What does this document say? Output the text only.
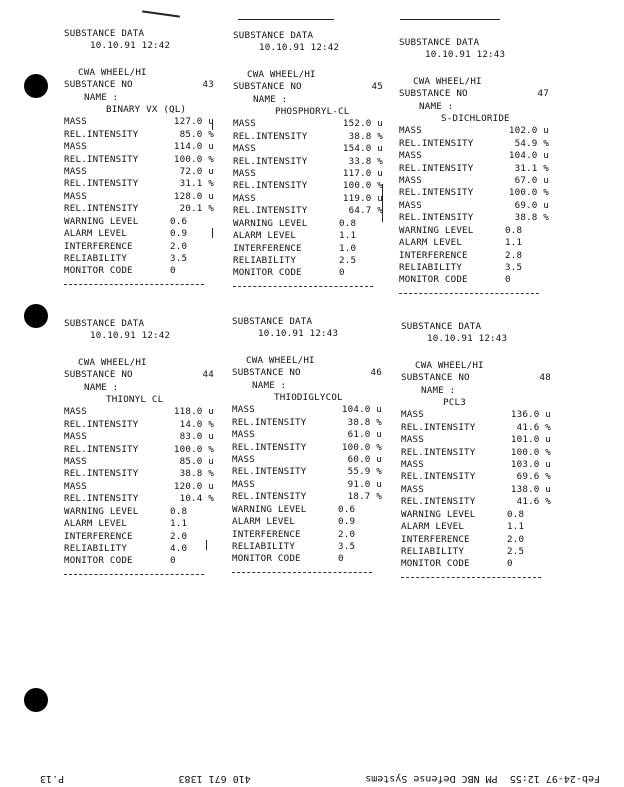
SUBSTANCE DATA
10.10.91 12:42
CWA WHEEL/HI
SUBSTANCE NO	43
NAME :
BINARY VX (QL)
MASS	127.0 u
REL.INTENSITY	85.0 %
MASS	114.0 u
REL.INTENSITY	100.0 %
MASS	72.0 u
REL.INTENSITY	31.1 %
MASS	128.0 u
REL.INTENSITY	20.1 %
WARNING LEVEL	0.6
ALARM LEVEL	0.9
INTERFERENCE	2.0
RELIABILITY	3.5
MONITOR CODE	0
SUBSTANCE DATA
10.10.91 12:42
CWA WHEEL/HI
SUBSTANCE NO	45
NAME :
PHOSPHORYL-CL
MASS	152.0 u
REL.INTENSITY	38.8 %
MASS	154.0 u
REL.INTENSITY	33.8 %
MASS	117.0 u
REL.INTENSITY	100.0 %
MASS	119.0 u
REL.INTENSITY	64.7 %
WARNING LEVEL	0.8
ALARM LEVEL	1.1
INTERFERENCE	1.0
RELIABILITY	2.5
MONITOR CODE	0
SUBSTANCE DATA
10.10.91 12:43
CWA WHEEL/HI
SUBSTANCE NO	47
NAME :
S-DICHLORIDE
MASS	102.0 u
REL.INTENSITY	54.9 %
MASS	104.0 u
REL.INTENSITY	31.1 %
MASS	67.0 u
REL.INTENSITY	100.0 %
MASS	69.0 u
REL.INTENSITY	38.8 %
WARNING LEVEL	0.8
ALARM LEVEL	1.1
INTERFERENCE	2.8
RELIABILITY	3.5
MONITOR CODE	0
SUBSTANCE DATA
10.10.91 12:42
CWA WHEEL/HI
SUBSTANCE NO	44
NAME :
THIONYL CL
MASS	118.0 u
REL.INTENSITY	14.0 %
MASS	83.0 u
REL.INTENSITY	100.0 %
MASS	85.0 u
REL.INTENSITY	38.8 %
MASS	120.0 u
REL.INTENSITY	10.4 %
WARNING LEVEL	0.8
ALARM LEVEL	1.1
INTERFERENCE	2.0
RELIABILITY	4.0
MONITOR CODE	0
SUBSTANCE DATA
10.10.91 12:43
CWA WHEEL/HI
SUBSTANCE NO	46
NAME :
THIODIGLYCOL
MASS	104.0 u
REL.INTENSITY	38.8 %
MASS	61.0 u
REL.INTENSITY	100.0 %
MASS	60.0 u
REL.INTENSITY	55.9 %
MASS	91.0 u
REL.INTENSITY	18.7 %
WARNING LEVEL	0.6
ALARM LEVEL	0.9
INTERFERENCE	2.0
RELIABILITY	3.5
MONITOR CODE	0
SUBSTANCE DATA
10.10.91 12:43
CWA WHEEL/HI
SUBSTANCE NO	48
NAME :
PCL3
MASS	136.0 u
REL.INTENSITY	41.6 %
MASS	101.0 u
REL.INTENSITY	100.0 %
MASS	103.0 u
REL.INTENSITY	69.6 %
MASS	138.0 u
REL.INTENSITY	41.6 %
WARNING LEVEL	0.8
ALARM LEVEL	1.1
INTERFERENCE	2.0
RELIABILITY	2.5
MONITOR CODE	0
Feb-24-97 12:55  PM NBC Defense Systems
410 671 1383
P.13
